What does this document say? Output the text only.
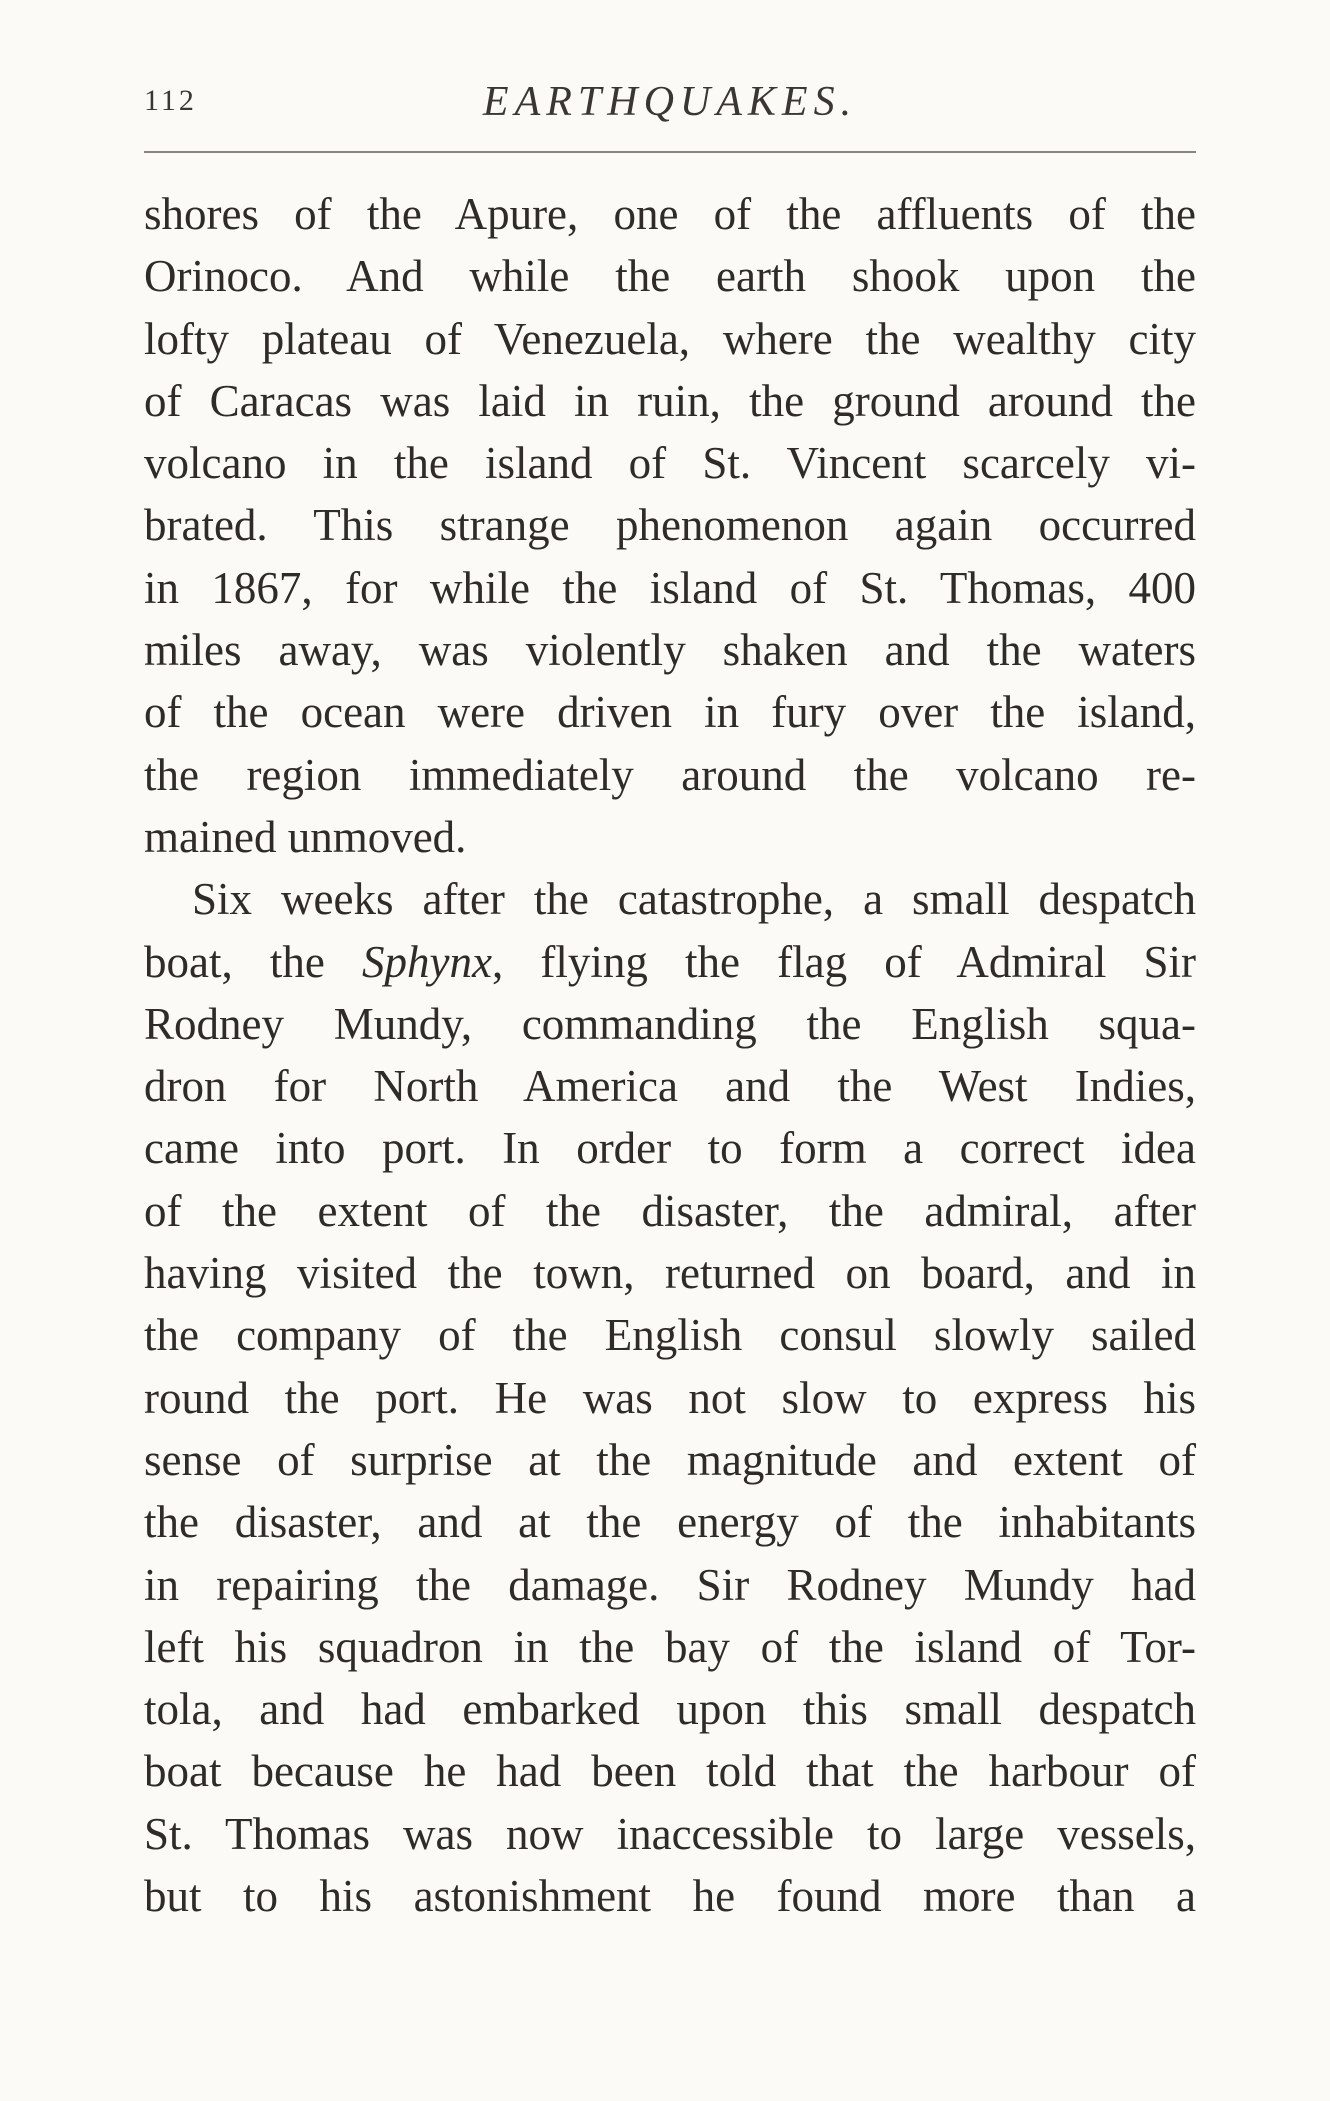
112	EARTHQUAKES.
shores of the Apure, one of the affluents of the
Orinoco. And while the earth shook upon the
lofty plateau of Venezuela, where the wealthy city
of Caracas was laid in ruin, the ground around the
volcano in the island of St. Vincent scarcely vi-
brated. This strange phenomenon again occurred
in 1867, for while the island of St. Thomas, 400
miles away, was violently shaken and the waters
of the ocean were driven in fury over the island,
the region immediately around the volcano re-
mained unmoved.
Six weeks after the catastrophe, a small despatch
boat, the Sphynx, flying the flag of Admiral Sir
Rodney Mundy, commanding the English squa-
dron for North America and the West Indies,
came into port. In order to form a correct idea
of the extent of the disaster, the admiral, after
having visited the town, returned on board, and in
the company of the English consul slowly sailed
round the port. He was not slow to express his
sense of surprise at the magnitude and extent of
the disaster, and at the energy of the inhabitants
in repairing the damage. Sir Rodney Mundy had
left his squadron in the bay of the island of Tor-
tola, and had embarked upon this small despatch
boat because he had been told that the harbour of
St. Thomas was now inaccessible to large vessels,
but to his astonishment he found more than a
